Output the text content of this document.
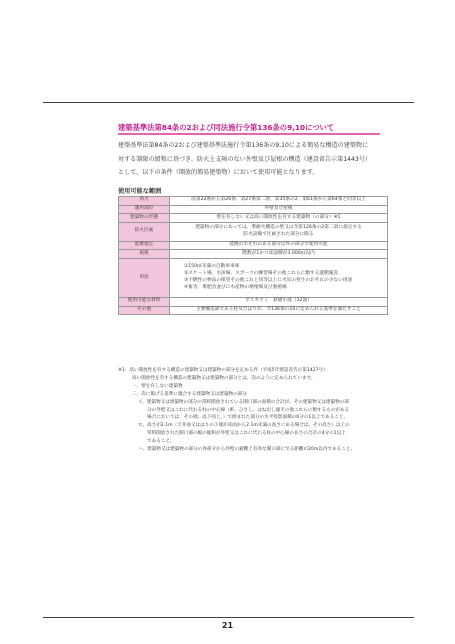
建築基準法第84条の2および同法施行令第136条の9,10について
建築基準法第84条の2および建築基準法施行令第136条の9,10による簡易な構造の建築物に
対する制限の緩和に基づき、防火上支障のない外壁及び屋根の構造（建設省告示第1443号）
として、以下の条件（開放的簡易建築物）において使用可能となります。
使用可能な範囲
効力	法第22条から第26条、第27条第二項、第35条の2、第61条から第64条と同等以上
適用部位	外壁及び屋根
建築物の形態	壁を有しない又は高い開放性を有する建築物（の部分）※1
防火区画	建築物の部分にあっては、準耐火構造の壁又は令第126条の2第二項に規定する
防火設備で区画された部分に限る

延焼規定	延焼のおそれのある部分以外の部分で使用可能
規模	階数が1かつ床面積が3,000㎡以内
用途	①150㎡未満の自動車車庫
②スケート場、水泳場、スポーツの練習場その他これらに類する運動施設
③不燃性の物品の保管その他これと同等以上に火災の発生のおそれの少ない用途
④畜舎、堆肥舎並びに水産物の増殖場及び養殖場

使用可能な材料	ポリカナミ　鉄板小波（32波）
その他	主要構造部である柱及びはりが、令136条の10に定められる基準を満たすこと
※1：高い開放性を有する構造の建築物又は建築物の部分を定める件（平成5年建設省告示第1427号）
高い開放性を有する構造の建築物又は建築物の部分とは、次のように定められています。
一、壁を有しない建築物
二、次に掲げる基準に適合する建築物又は建築物の部分
イ、建築物又は建築物の部分の常時開放されている開口部の面積の合計が、その建築物又は建築物の部
分の外壁又はこれに代わる柱の中心線（軒、ひさし、はね出し縁その他これらに類するものがある
場合においては、その端。以下同じ。）で囲まれた部分の水平投影面積の6分の1以上であること。
ロ、高さが2.1m（天井面又ははりの下端が床面から2.1m未満の高さにある場合は、その高さ）以上の
常時開放された開口部の幅の総和が外壁又はこれに代わる柱の中心線の長さの合計の4分の1以上
であること。
ハ、建築物又は建築物の部分の各部分から外壁の避難上有効な開口部に至る距離が20m以内であること。
21
